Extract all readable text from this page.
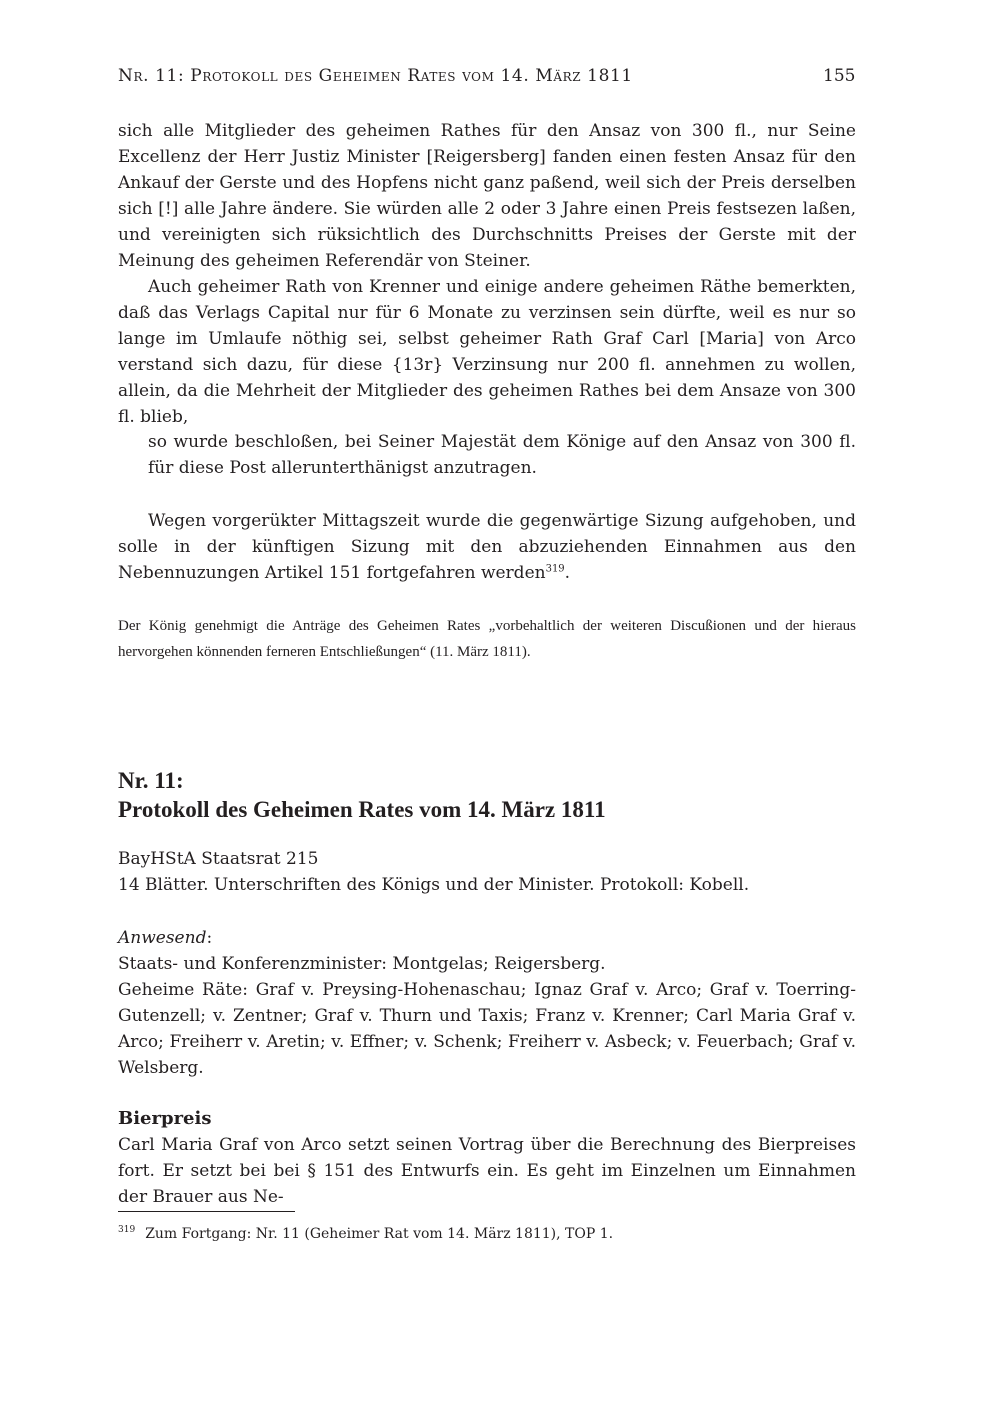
Nr. 11: Protokoll des Geheimen Rates vom 14. März 1811	155

sich alle Mitglieder des geheimen Rathes für den Ansaz von 300 fl., nur Seine Excellenz der Herr Justiz Minister [Reigersberg] fanden einen festen Ansaz für den Ankauf der Gerste und des Hopfens nicht ganz paßend, weil sich der Preis derselben sich [!] alle Jahre ändere. Sie würden alle 2 oder 3 Jahre einen Preis festsezen laßen, und vereinigten sich rüksichtlich des Durchschnitts Preises der Gerste mit der Meinung des geheimen Referendär von Steiner.

Auch geheimer Rath von Krenner und einige andere geheimen Räthe bemerkten, daß das Verlags Capital nur für 6 Monate zu verzinsen sein dürfte, weil es nur so lange im Umlaufe nöthig sei, selbst geheimer Rath Graf Carl [Maria] von Arco verstand sich dazu, für diese {13r} Verzinsung nur 200 fl. annehmen zu wollen, allein, da die Mehrheit der Mitglieder des geheimen Rathes bei dem Ansaze von 300 fl. blieb,

so wurde beschloßen, bei Seiner Majestät dem Könige auf den Ansaz von 300 fl. für diese Post allerunterthänigst anzutragen.

Wegen vorgerükter Mittagszeit wurde die gegenwärtige Sizung aufgehoben, und solle in der künftigen Sizung mit den abzuziehenden Einnahmen aus den Nebennuzungen Artikel 151 fortgefahren werden$^{319}$.

Der König genehmigt die Anträge des Geheimen Rates „vorbehaltlich der weiteren Discußionen und der hieraus hervorgehen könnenden ferneren Entschließungen“ (11. März 1811).

Nr. 11:
Protokoll des Geheimen Rates vom 14. März 1811

BayHStA Staatsrat 215

14 Blätter. Unterschriften des Königs und der Minister. Protokoll: Kobell.

Anwesend:

Staats- und Konferenzminister: Montgelas; Reigersberg.

Geheime Räte: Graf v. Preysing-Hohenaschau; Ignaz Graf v. Arco; Graf v. Toerring-Gutenzell; v. Zentner; Graf v. Thurn und Taxis; Franz v. Krenner; Carl Maria Graf v. Arco; Freiherr v. Aretin; v. Effner; v. Schenk; Freiherr v. Asbeck; v. Feuerbach; Graf v. Welsberg.

Bierpreis

Carl Maria Graf von Arco setzt seinen Vortrag über die Berechnung des Bierpreises fort. Er setzt bei bei § 151 des Entwurfs ein. Es geht im Einzelnen um Einnahmen der Brauer aus Ne-

$^{319}$ Zum Fortgang: Nr. 11 (Geheimer Rat vom 14. März 1811), TOP 1.
